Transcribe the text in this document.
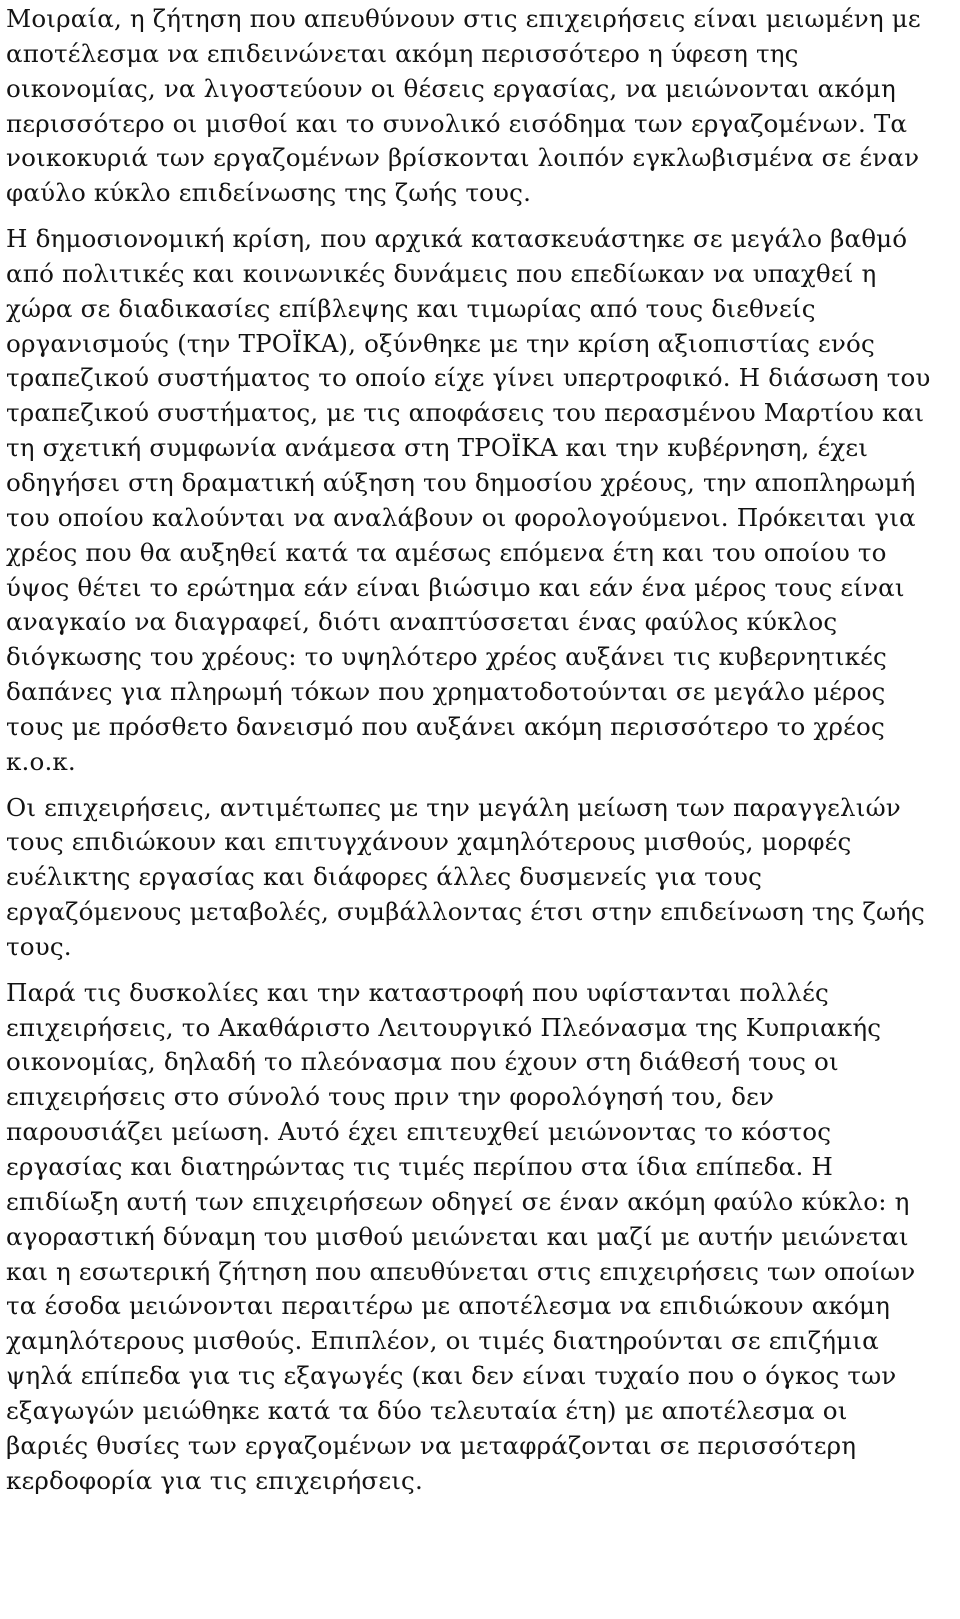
Μοιραία, η ζήτηση που απευθύνουν στις επιχειρήσεις είναι μειωμένη με αποτέλεσμα να επιδεινώνεται ακόμη περισσότερο η ύφεση της οικονομίας, να λιγοστεύουν οι θέσεις εργασίας, να μειώνονται ακόμη περισσότερο οι μισθοί και το συνολικό εισόδημα των εργαζομένων. Τα νοικοκυριά των εργαζομένων βρίσκονται λοιπόν εγκλωβισμένα σε έναν φαύλο κύκλο επιδείνωσης της ζωής τους.

Η δημοσιονομική κρίση, που αρχικά κατασκευάστηκε σε μεγάλο βαθμό από πολιτικές και κοινωνικές δυνάμεις που επεδίωκαν να υπαχθεί η χώρα σε διαδικασίες επίβλεψης και τιμωρίας από τους διεθνείς οργανισμούς (την ΤΡΟΪΚΑ), οξύνθηκε με την κρίση αξιοπιστίας ενός τραπεζικού συστήματος το οποίο είχε γίνει υπερτροφικό. Η διάσωση του τραπεζικού συστήματος, με τις αποφάσεις του περασμένου Μαρτίου και τη σχετική συμφωνία ανάμεσα στη ΤΡΟΪΚΑ και την κυβέρνηση, έχει οδηγήσει στη δραματική αύξηση του δημοσίου χρέους, την αποπληρωμή του οποίου καλούνται να αναλάβουν οι φορολογούμενοι. Πρόκειται για χρέος που θα αυξηθεί κατά τα αμέσως επόμενα έτη και του οποίου το ύψος θέτει το ερώτημα εάν είναι βιώσιμο και εάν ένα μέρος τους είναι αναγκαίο να διαγραφεί, διότι αναπτύσσεται ένας φαύλος κύκλος διόγκωσης του χρέους: το υψηλότερο χρέος αυξάνει τις κυβερνητικές δαπάνες για πληρωμή τόκων που χρηματοδοτούνται σε μεγάλο μέρος τους με πρόσθετο δανεισμό που αυξάνει ακόμη περισσότερο το χρέος κ.ο.κ.

Οι επιχειρήσεις, αντιμέτωπες με την μεγάλη μείωση των παραγγελιών τους επιδιώκουν και επιτυγχάνουν χαμηλότερους μισθούς, μορφές ευέλικτης εργασίας και διάφορες άλλες δυσμενείς για τους εργαζόμενους μεταβολές, συμβάλλοντας έτσι στην επιδείνωση της ζωής τους.

Παρά τις δυσκολίες και την καταστροφή που υφίστανται πολλές επιχειρήσεις, το Ακαθάριστο Λειτουργικό Πλεόνασμα της Κυπριακής οικονομίας, δηλαδή το πλεόνασμα που έχουν στη διάθεσή τους οι επιχειρήσεις στο σύνολό τους πριν την φορολόγησή του, δεν παρουσιάζει μείωση. Αυτό έχει επιτευχθεί μειώνοντας το κόστος εργασίας και διατηρώντας τις τιμές περίπου στα ίδια επίπεδα. Η επιδίωξη αυτή των επιχειρήσεων οδηγεί σε έναν ακόμη φαύλο κύκλο: η αγοραστική δύναμη του μισθού μειώνεται και μαζί με αυτήν μειώνεται και η εσωτερική ζήτηση που απευθύνεται στις επιχειρήσεις των οποίων τα έσοδα μειώνονται περαιτέρω με αποτέλεσμα να επιδιώκουν ακόμη χαμηλότερους μισθούς. Επιπλέον, οι τιμές διατηρούνται σε επιζήμια ψηλά επίπεδα για τις εξαγωγές (και δεν είναι τυχαίο που ο όγκος των εξαγωγών μειώθηκε κατά τα δύο τελευταία έτη) με αποτέλεσμα οι βαριές θυσίες των εργαζομένων να μεταφράζονται σε περισσότερη κερδοφορία για τις επιχειρήσεις.
